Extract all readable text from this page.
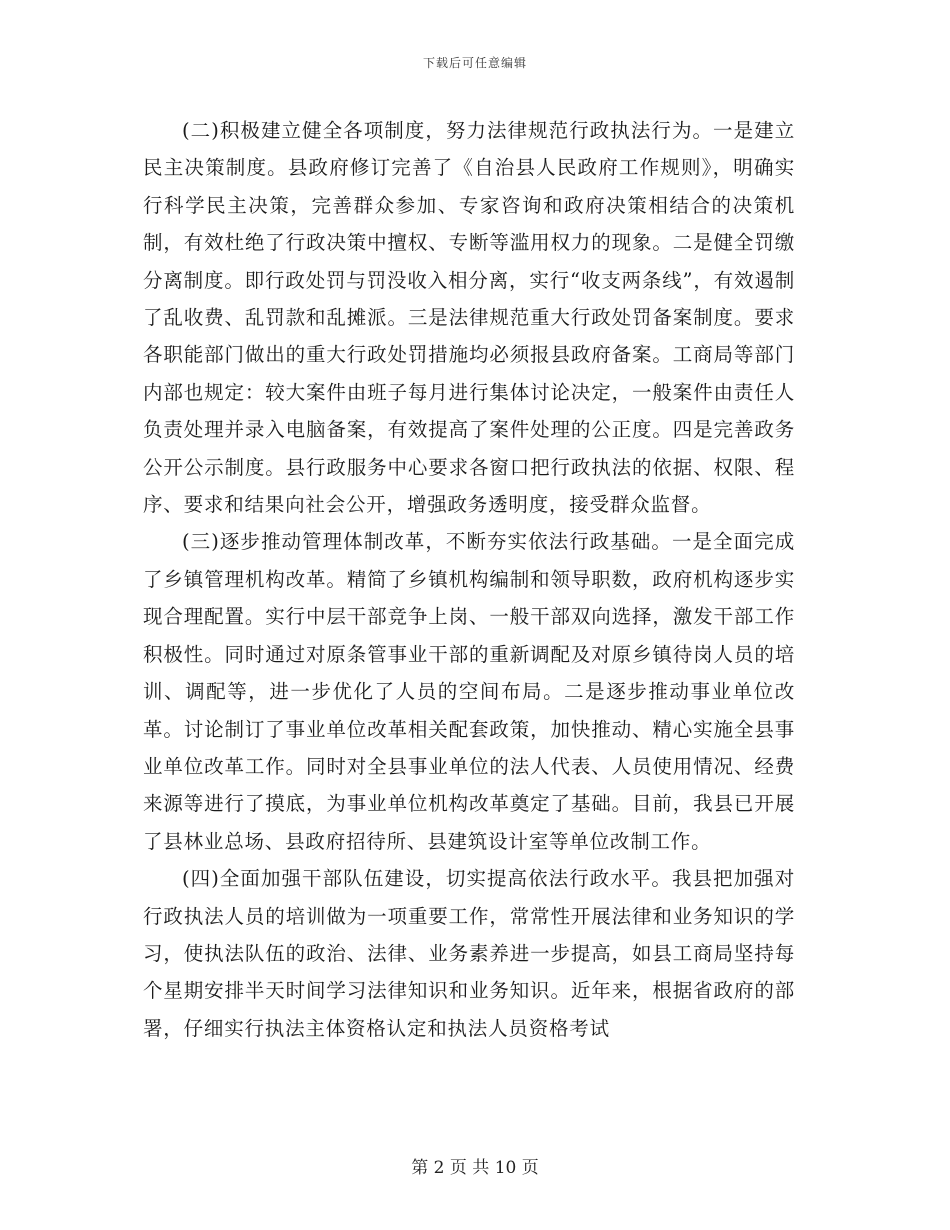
下载后可任意编辑

(二)积极建立健全各项制度，努力法律规范行政执法行为。一是建立民主决策制度。县政府修订完善了《自治县人民政府工作规则》，明确实行科学民主决策，完善群众参加、专家咨询和政府决策相结合的决策机制，有效杜绝了行政决策中擅权、专断等滥用权力的现象。二是健全罚缴分离制度。即行政处罚与罚没收入相分离，实行“收支两条线”，有效遏制了乱收费、乱罚款和乱摊派。三是法律规范重大行政处罚备案制度。要求各职能部门做出的重大行政处罚措施均必须报县政府备案。工商局等部门内部也规定：较大案件由班子每月进行集体讨论决定，一般案件由责任人负责处理并录入电脑备案，有效提高了案件处理的公正度。四是完善政务公开公示制度。县行政服务中心要求各窗口把行政执法的依据、权限、程序、要求和结果向社会公开，增强政务透明度，接受群众监督。

(三)逐步推动管理体制改革，不断夯实依法行政基础。一是全面完成了乡镇管理机构改革。精简了乡镇机构编制和领导职数，政府机构逐步实现合理配置。实行中层干部竞争上岗、一般干部双向选择，激发干部工作积极性。同时通过对原条管事业干部的重新调配及对原乡镇待岗人员的培训、调配等，进一步优化了人员的空间布局。二是逐步推动事业单位改革。讨论制订了事业单位改革相关配套政策，加快推动、精心实施全县事业单位改革工作。同时对全县事业单位的法人代表、人员使用情况、经费来源等进行了摸底，为事业单位机构改革奠定了基础。目前，我县已开展了县林业总场、县政府招待所、县建筑设计室等单位改制工作。

(四)全面加强干部队伍建设，切实提高依法行政水平。我县把加强对行政执法人员的培训做为一项重要工作，常常性开展法律和业务知识的学习，使执法队伍的政治、法律、业务素养进一步提高，如县工商局坚持每个星期安排半天时间学习法律知识和业务知识。近年来，根据省政府的部署，仔细实行执法主体资格认定和执法人员资格考试

第 2 页 共 10 页
